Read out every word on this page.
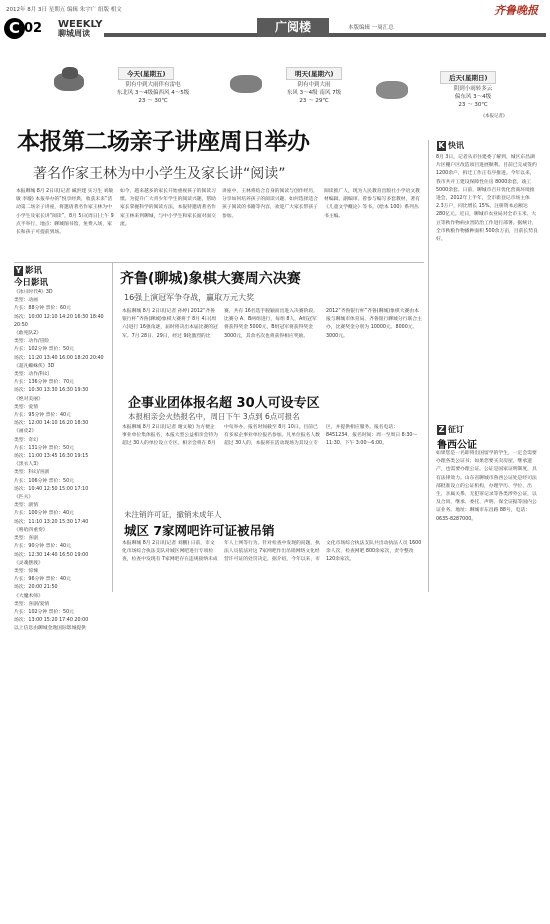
2012年 8月 3日 星期五 编辑 朱宇广 组版 相文	齐鲁晚报
C 02 WEEKLY
聊城周读	广阅楼	本版编辑 一周汇总
今天(星期五)
阴有中到大雨伴有雷电
东北风 3～4级偏西风 4～5级
23 ～ 30℃
明天(星期六)
阴有中到大雨
东风 3～4级 南风 7级
23 ～ 29℃
后天(星期日)
阴到小雨转多云
偏东风 3～4级
23 ～ 30℃
(本报记者)
本报第二场亲子讲座周日举办
著名作家王林为中小学生及家长讲“阅读”
本报聊城 8月 2日讯(记者 臧洪建 实习生 刘敏敏 李璇) 本报举办的“悦享经典，收获未来”活动第二场亲子讲座，将邀请著名作家王林为中小学生及家长讲“阅读”，8月 5日(周日)上午 9点半举行，地点：聊城图书馆，免费入场，家长和孩子可提前到场。
如今，越来越多的家长开始重视孩子的阅读习惯。为提升广大青少年学生的阅读兴趣，帮助家长掌握科学的阅读方法，本报特邀请著名作家王林来到聊城，与中小学生和家长面对面交流。
讲座中，王林将结合自身的阅读与创作经历，分享如何培养孩子的阅读兴趣、如何选择适合孩子阅读的书籍等内容，欢迎广大家长带孩子参加。
阅读推广人，现为人民教育出版社小学语文教材编辑，副编审。曾参与编写多套教材，著有《儿童文学概论》等书。《绘本 100》系列丛书主编。
Y 影讯
今日影讯
《冰川时代4》3D
类型：动画
片长：88分钟 票价：60元
场次：10:00 12:10 14:20 16:30 18:40 20:50
《敢死队2》
类型：动作/冒险
片长：102分钟 票价：50元
场次：11:20 13:40 16:00 18:20 20:40
《超凡蜘蛛侠》3D
类型：动作/科幻
片长：136分钟 票价：70元
场次：10:30 13:30 16:30 19:30
《绝对美丽》
类型：爱情
片长：95分钟 票价：40元
场次：12:00 14:10 16:20 18:30
《画皮2》
类型：奇幻
片长：131分钟 票价：50元
场次：11:00 13:45 16:30 19:15
《黑衣人3》
类型：科幻/喜剧
片长：106分钟 票价：50元
场次：10:40 12:50 15:00 17:10
《匹夫》
类型：剧情
片长：100分钟 票价：40元
场次：11:10 13:20 15:30 17:40
《嘻哈四重奏》
类型：喜剧
片长：90分钟 票价：40元
场次：12:30 14:40 16:50 19:00
《灵魂摆渡》
类型：惊悚
片长：96分钟 票价：40元
场次：20:00 21:50
《大魔术师》
类型：喜剧/爱情
片长：102分钟 票价：50元
场次：13:00 15:20 17:40 20:00
以上信息由聊城金逸国际影城提供
齐鲁(聊城)象棋大赛周六决赛
16强上演冠军争夺战，赢取万元大奖
本报聊城 8月 2日讯(记者 孙婷) 2012“齐鲁银行杯”齐鲁(聊城)象棋大赛将于 8月 4日(周六)进行 16强角逐，届时将决出本届比赛的冠军。7月 28日、29日，经过 9轮激烈的比赛，共有 16名选手脱颖而出进入决赛阶段。比赛分 A、B两组进行，每组 8人，A组冠军将获得奖金 5000元，B组冠军将获得奖金 3000元，其余名次也将获得相应奖励。2012“齐鲁银行杯”齐鲁(聊城)象棋大赛由本报与聊城市体育局、齐鲁银行聊城分行联合主办，比赛奖金分别为 10000元、8000元、3000元。
企事业团体报名超 30人可设专区
本报相亲会火热报名中，周日下午 3点到 6点可报名
本报聊城 8月 2日讯(记者 谢文敏) 为方便企事业单位集体报名，本报大型公益相亲会特为超过 30人的单位设立专区。相亲会将在 8月中旬举办，报名时间截至 8月 10日。目前已有多家企事业单位报名参加。凡单位报名人数超过 30人的，本报将在活动现场为其设立专区，并提供相应服务。报名电话：8451234，报名时间：周一至周日 8:30～11:30、下午 3:00～6:00。
未注销许可证，撤销未成年人
城区 7家网吧许可证被吊销
本报聊城 8月 2日讯(记者 刘鹏) 日前，市文化市场综合执法支队对城区网吧进行专项检查，检查中发现有 7家网吧存在违规接纳未成年人上网等行为。针对检查中发现的问题，执法人员依法对这 7家网吧作出吊销网络文化经营许可证的处罚决定。据介绍，今年以来，市文化市场综合执法支队共出动执法人员 1600余人次，检查网吧 800余家次，责令整改 120余家次。
K 快讯
8月 3日，记者从市住建委了解到，城区东昌湖片区棚户区改造项目进展顺利。目前已完成签约 1200余户，拆迁工作正有序推进。今年以来，我市共开工建设保障性住房 8000余套，竣工 5000余套。日前，聊城市召开优化营商环境推进会，2012年上半年，全市新登记市场主体 2.3万户，同比增长 15%。注册资本总额达 280亿元。近日，聊城市农业局对全市玉米、大豆等秋作物病虫害防治工作进行部署。据统计，全市秋粮作物播种面积 500余万亩，目前长势良好。
Z 征订
鲁西公证
如果您是一名即将出国留学的学生，一定会需要办理各类公证书；如果您要买卖房屋、继承遗产，也需要办理公证。公证是国家证明制度，具有法律效力。山东省聊城市鲁西公证处是经司法部批准设立的公证机构，办理学历、学位、出生、亲属关系、无犯罪记录等各类涉外公证，以及合同、继承、委托、声明、保全证据等国内公证业务。地址：聊城市东昌路 88号，电话：0635-8287000。
